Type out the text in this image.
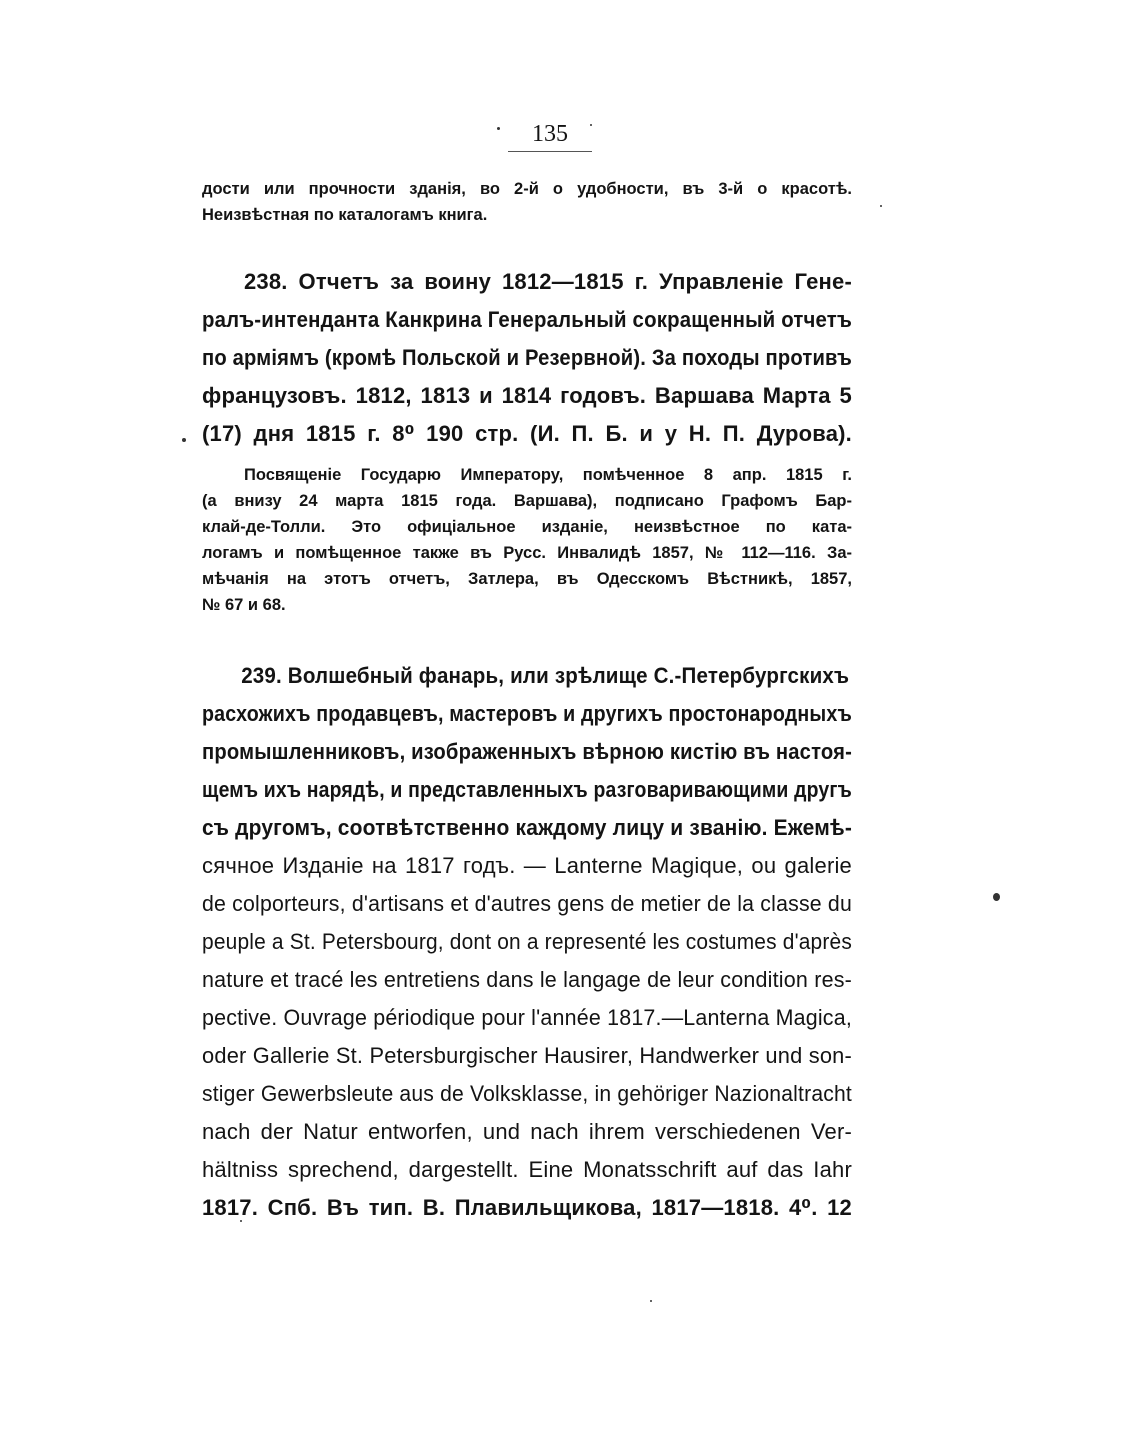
135
дости или прочности зданія, во 2-й о удобности, въ 3-й о красотѣ.
Неизвѣстная по каталогамъ книга.
238. Отчетъ за воину 1812—1815 г. Управленіе Гене-
ралъ-интенданта Канкрина Генеральный сокращенный отчетъ
по арміямъ (кромѣ Польской и Резервной). За походы противъ
французовъ. 1812, 1813 и 1814 годовъ. Варшава Марта 5
(17) дня 1815 г. 8⁰ 190 стр. (И. П. Б. и у Н. П. Дурова).
Посвященіе Государю Императору, помѣченное 8 апр. 1815 г.
(а внизу 24 марта 1815 года. Варшава), подписано Графомъ Бар-
клай-де-Толли. Это офиціальное изданіе, неизвѣстное по ката-
логамъ и помѣщенное также въ Русс. Инвалидѣ 1857, № 112—116. За-
мѣчанія на этотъ отчетъ, Затлера, въ Одесскомъ Вѣстникѣ, 1857,
№ 67 и 68.
239. Волшебный фанарь, или зрѣлище С.-Петербургскихъ
расхожихъ продавцевъ, мастеровъ и другихъ простонародныхъ
промышленниковъ, изображенныхъ вѣрною кистію въ настоя-
щемъ ихъ нарядѣ, и представленныхъ разговаривающими другъ
съ другомъ, соотвѣтственно каждому лицу и званію. Ежемѣ-
сячное Изданіе на 1817 годъ. — Lanterne Magique, ou galerie
de colporteurs, d'artisans et d'autres gens de metier de la classe du
peuple a St. Petersbourg, dont on a representé les costumes d'après
nature et tracé les entretiens dans le langage de leur condition res-
pective. Ouvrage périodique pour l'année 1817.—Lanterna Magica,
oder Gallerie St. Petersburgischer Hausirer, Handwerker und son-
stiger Gewerbsleute aus de Volksklasse, in gehöriger Nazionaltracht
nach der Natur entworfen, und nach ihrem verschiedenen Ver-
hältniss sprechend, dargestellt. Eine Monatsschrift auf das Iahr
1817. Спб. Въ тип. В. Плавильщикова, 1817—1818. 4⁰. 12
